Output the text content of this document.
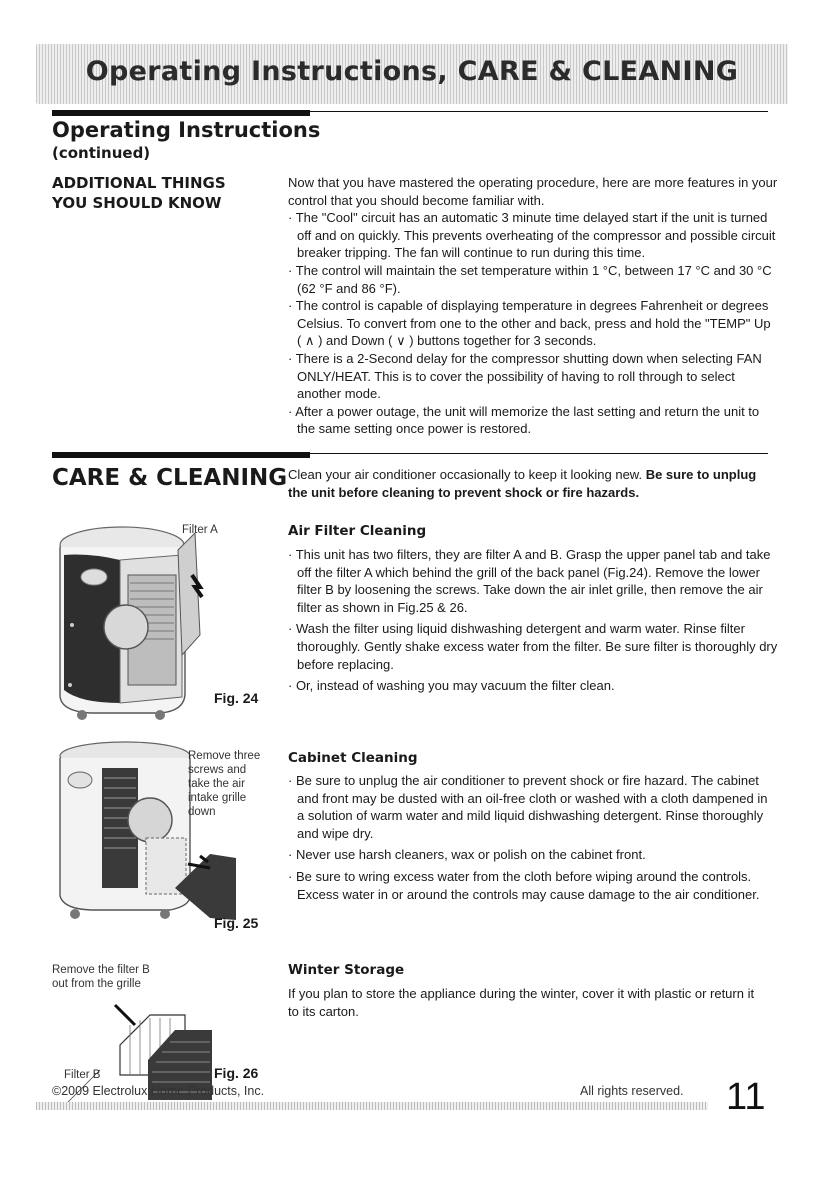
Operating Instructions, CARE & CLEANING
Operating Instructions
(continued)
ADDITIONAL THINGS
YOU SHOULD KNOW

Now that you have mastered the operating procedure, here are more features in your control that you should become familiar with.

· The "Cool" circuit has an automatic 3 minute time delayed start if the unit is turned off and on quickly. This prevents overheating of the compressor and possible circuit breaker tripping. The fan will continue to run during this time.

· The control will maintain the set temperature within 1 °C, between 17 °C and 30 °C (62 °F and 86 °F).

· The control is capable of displaying temperature in degrees Fahrenheit or degrees Celsius. To convert from one to the other and back, press and hold the "TEMP" Up ( ∧ ) and Down ( ∨ ) buttons together for 3 seconds.

· There is a 2-Second delay for the compressor shutting down when selecting FAN ONLY/HEAT. This is to cover the possibility of having to roll through to select another mode.

· After a power outage, the unit will memorize the last setting and return the unit to the same setting once power is restored.

CARE & CLEANING Clean your air conditioner occasionally to keep it looking new. Be sure to unplug the unit before cleaning to prevent shock or fire hazards.
Air Filter Cleaning

· This unit has two filters, they are filter A and B. Grasp the upper panel tab and take off the filter A which behind the grill of the back panel (Fig.24). Remove the lower filter B by loosening the screws. Take down the air inlet grille, then remove the air filter as shown in Fig.25 & 26.

· Wash the filter using liquid dishwashing detergent and warm water. Rinse filter thoroughly. Gently shake excess water from the filter. Be sure filter is thoroughly dry before replacing.

· Or, instead of washing you may vacuum the filter clean.

Cabinet Cleaning

· Be sure to unplug the air conditioner to prevent shock or fire hazard. The cabinet and front may be dusted with an oil-free cloth or washed with a cloth dampened in a solution of warm water and mild liquid dishwashing detergent. Rinse thoroughly and wipe dry.

· Never use harsh cleaners, wax or polish on the cabinet front.

· Be sure to wring excess water from the cloth before wiping around the controls. Excess water in or around the controls may cause damage to the air conditioner.

Winter Storage
If you plan to store the appliance during the winter, cover it with plastic or return it to its carton.
Filter A
Fig. 24
Remove three
screws and
take the air
intake grille
down
Fig. 25
Remove the filter B
out from the grille
Fig. 26
Filter B
©2009 Electrolux Home Products, Inc.	All rights reserved. 11
